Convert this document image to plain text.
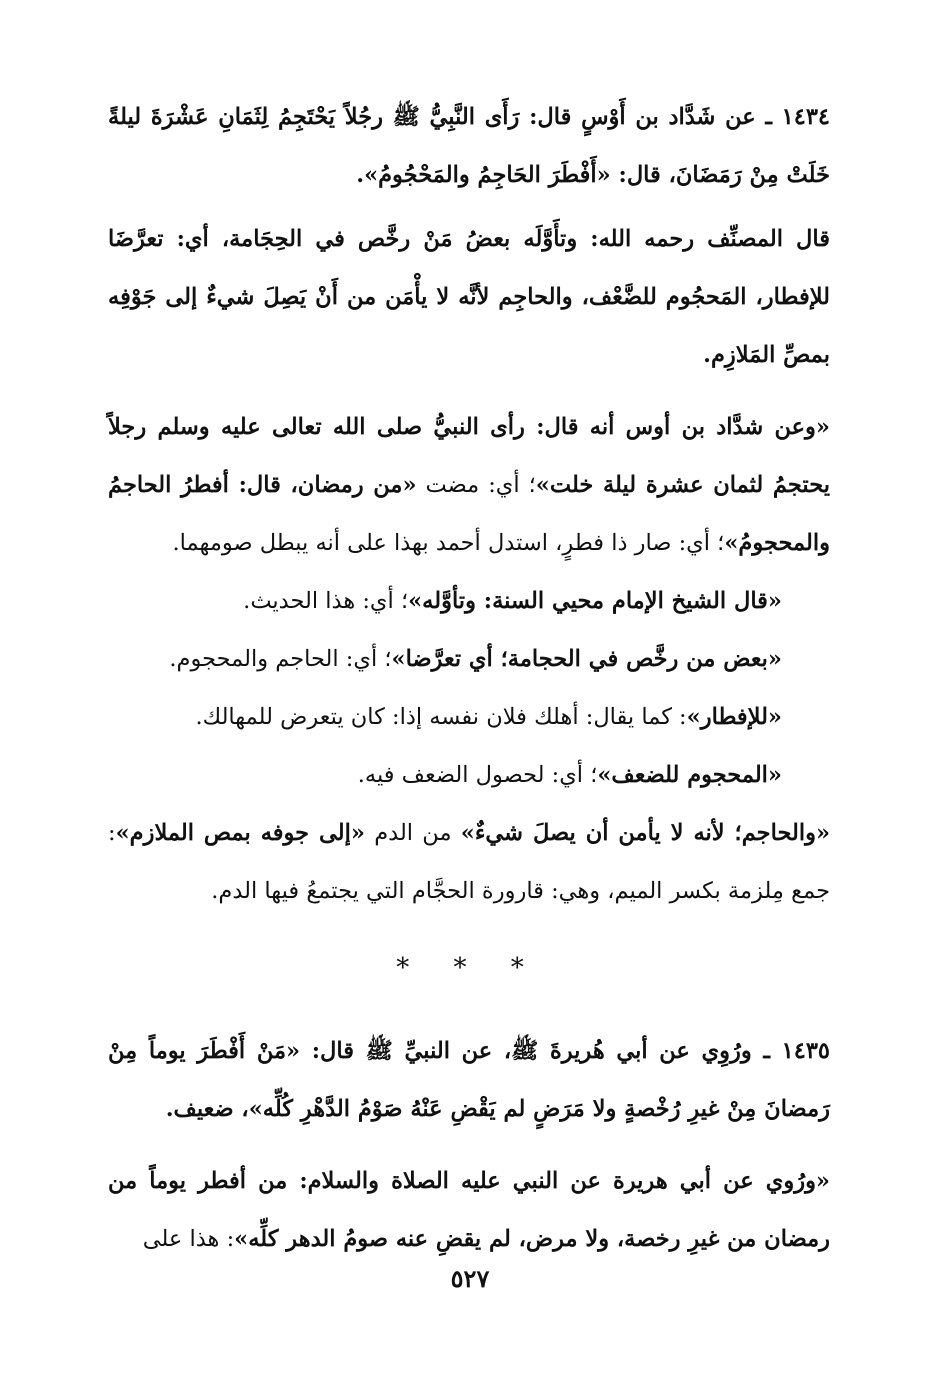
١٤٣٤ ـ عن شَدَّاد بن أَوْسٍ قال: رَأَى النَّبِيُّ ﷺ رجُلاً يَحْتَجِمُ لِثَمَانِ عَشْرَةَ ليلةً خَلَتْ مِنْ رَمَضَانَ، قال: «أَفْطَرَ الحَاجِمُ والمَحْجُومُ».

قال المصنِّف رحمه الله: وتأَوَّلَه بعضُ مَنْ رخَّص في الحِجَامة، أي: تعرَّضَا للإفطار، المَحجُوم للضَّعْف، والحاجِم لأنَّه لا يأْمَن من أَنْ يَصِلَ شيءٌ إلى جَوْفِه بمصِّ المَلازِم.

«وعن شدَّاد بن أوس أنه قال: رأى النبيُّ صلى الله تعالى عليه وسلم رجلاً يحتجمُ لثمان عشرة ليلة خلت»؛ أي: مضت «من رمضان، قال: أفطرُ الحاجمُ والمحجومُ»؛ أي: صار ذا فطرٍ، استدل أحمد بهذا على أنه يبطل صومهما.

«قال الشيخ الإمام محيي السنة: وتأوَّله»؛ أي: هذا الحديث.

«بعض من رخَّص في الحجامة؛ أي تعرَّضا»؛ أي: الحاجم والمحجوم.

«للإفطار»: كما يقال: أهلك فلان نفسه إذا: كان يتعرض للمهالك.

«المحجوم للضعف»؛ أي: لحصول الضعف فيه.

«والحاجم؛ لأنه لا يأمن أن يصلَ شيءٌ» من الدم «إلى جوفه بمص الملازم»: جمع مِلزمة بكسر الميم، وهي: قارورة الحجَّام التي يجتمعُ فيها الدم.

* * *

١٤٣٥ ـ ورُوِي عن أبي هُريرةَ ﷺ، عن النبيِّ ﷺ قال: «مَنْ أَفْطَرَ يوماً مِنْ رَمضانَ مِنْ غيرِ رُخْصةٍ ولا مَرَضٍ لم يَقْضِ عَنْهُ صَوْمُ الدَّهْرِ كُلِّه»، ضعيف.

«ورُوي عن أبي هريرة عن النبي عليه الصلاة والسلام: من أفطر يوماً من رمضان من غيرِ رخصة، ولا مرض، لم يقضِ عنه صومُ الدهر كلِّه»: هذا على

٥٢٧
